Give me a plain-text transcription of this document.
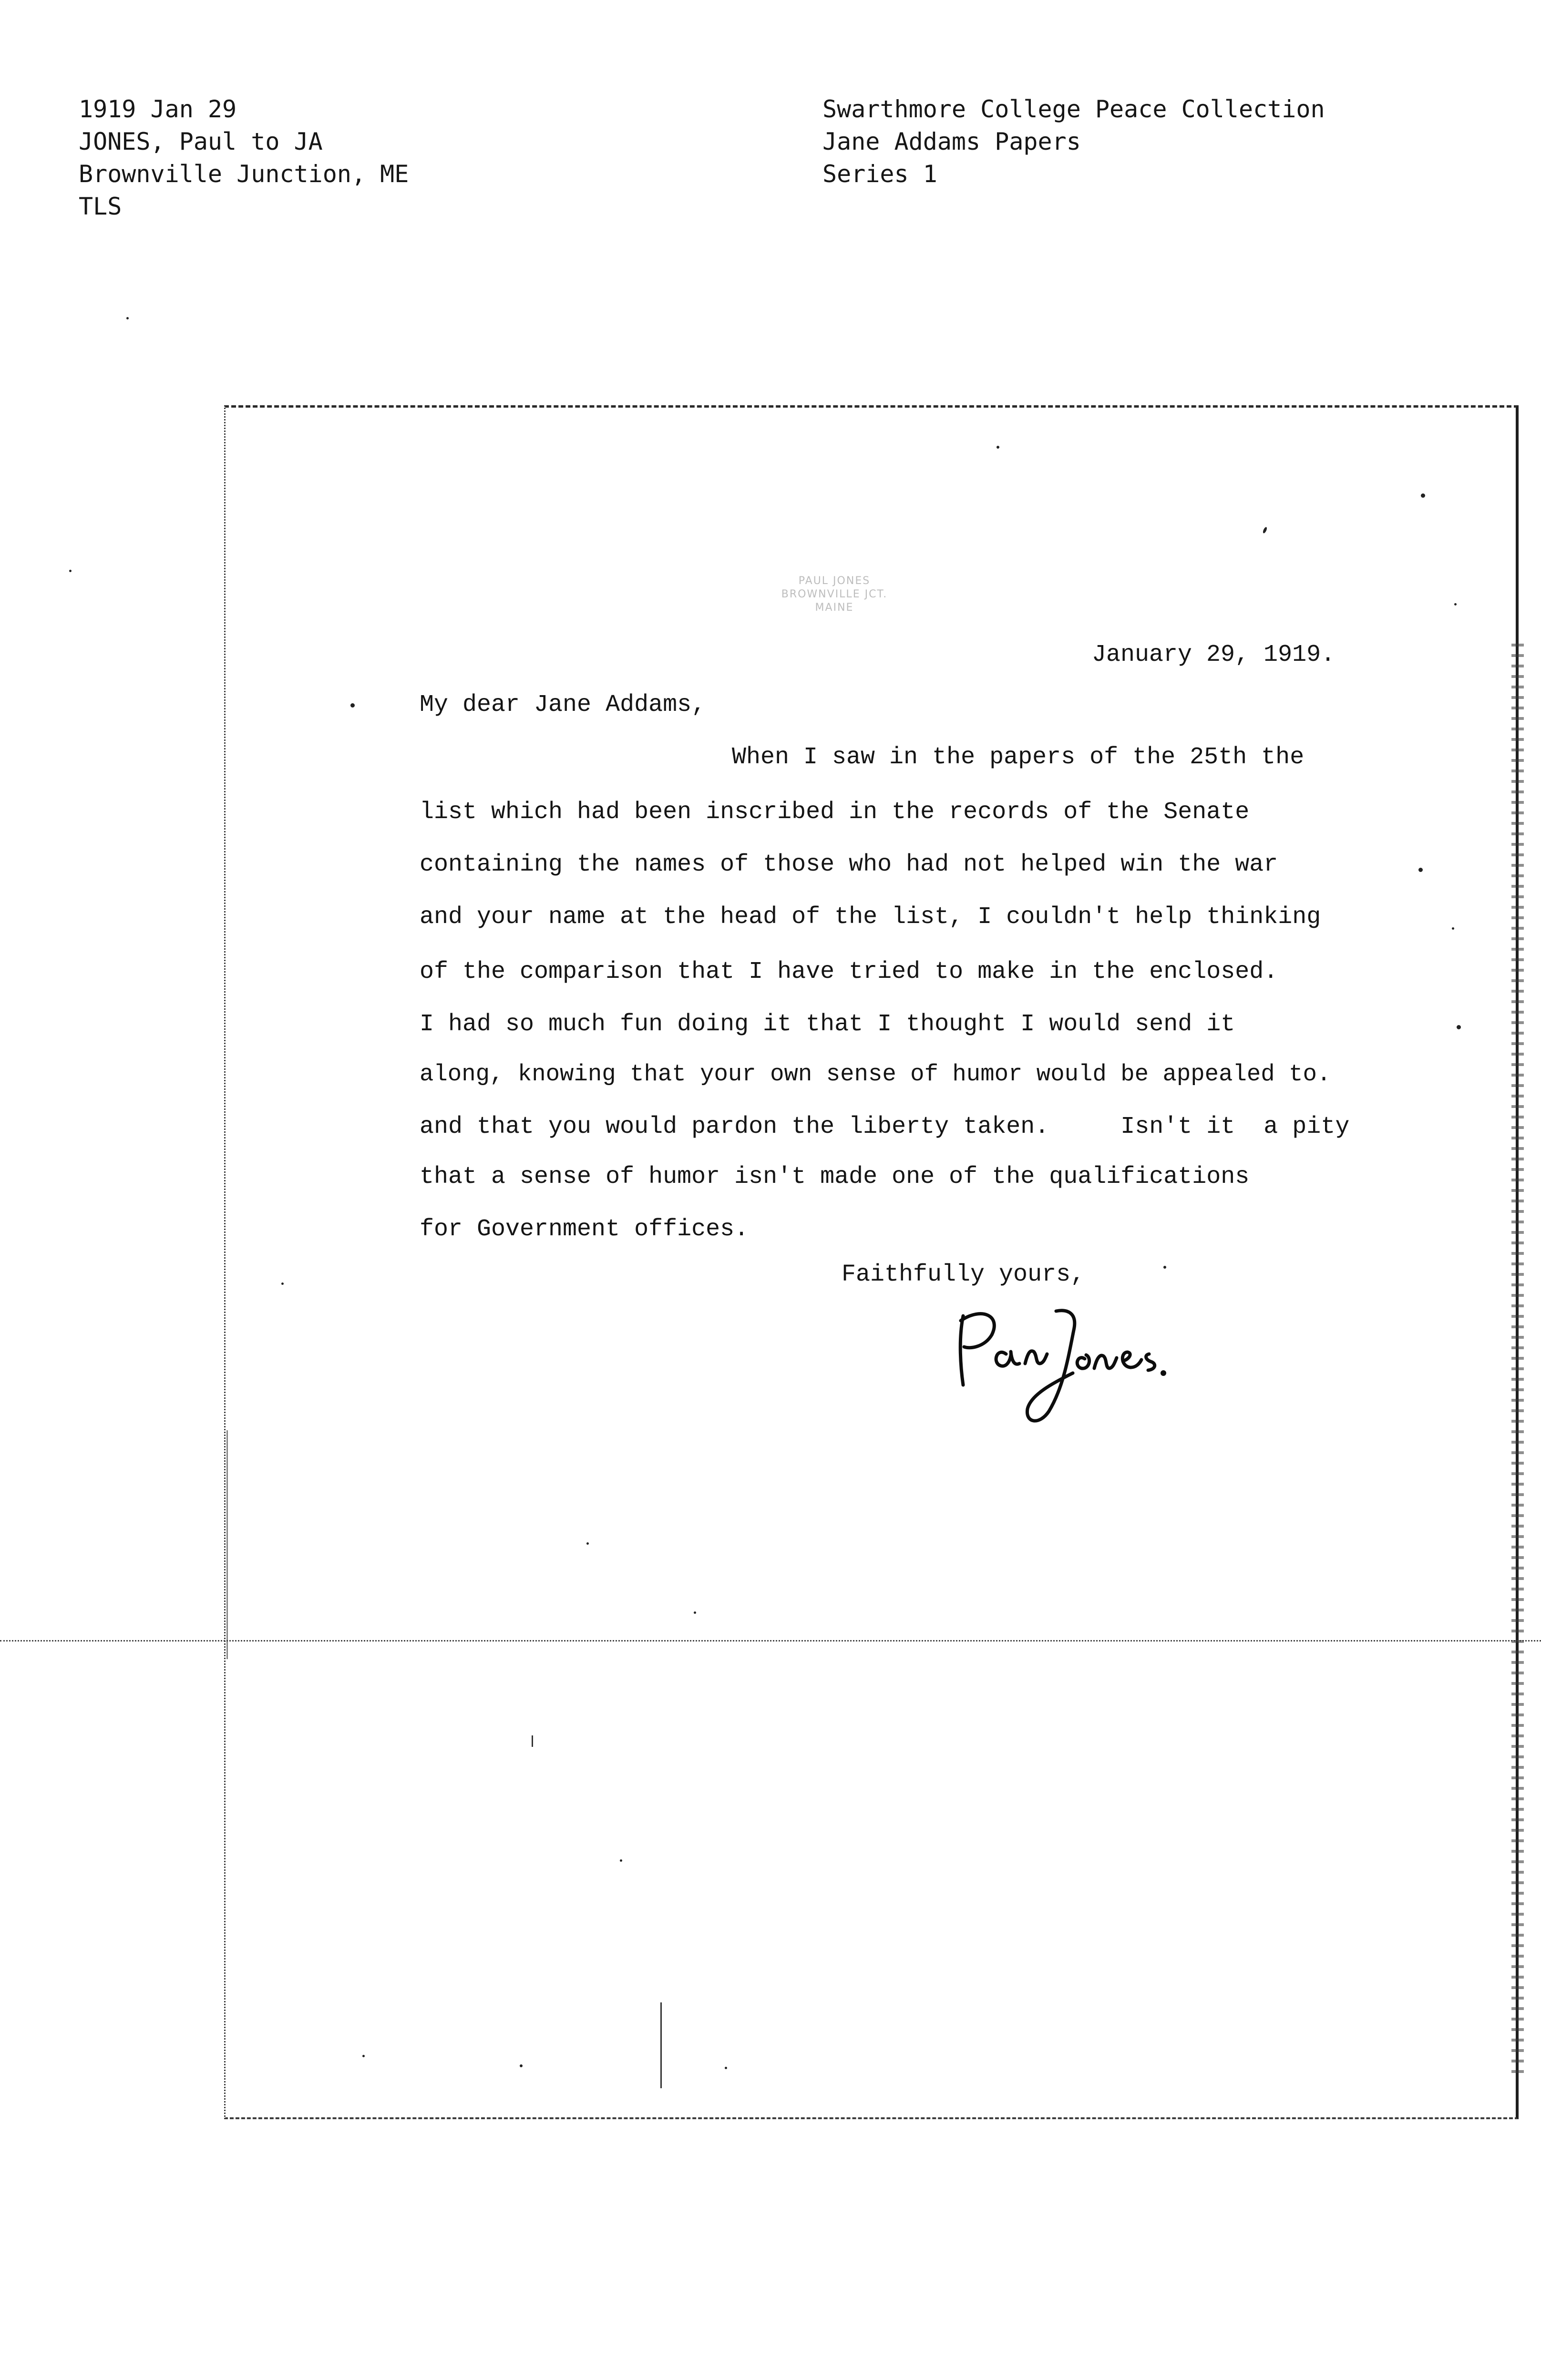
1919 Jan 29
JONES, Paul to JA
Brownville Junction, ME
TLS
Swarthmore College Peace Collection
Jane Addams Papers
Series 1
PAUL JONES
BROWNVILLE JCT.
MAINE
January 29, 1919.
My dear Jane Addams,
When I saw in the papers of the 25th the
list which had been inscribed in the records of the Senate
containing the names of those who had not helped win the war
and your name at the head of the list, I couldn't help thinking
of the comparison that I have tried to make in the enclosed.
I had so much fun doing it that I thought I would send it
along, knowing that your own sense of humor would be appealed to.
and that you would pardon the liberty taken.     Isn't it  a pity
that a sense of humor isn't made one of the qualifications
for Government offices.
Faithfully yours,
